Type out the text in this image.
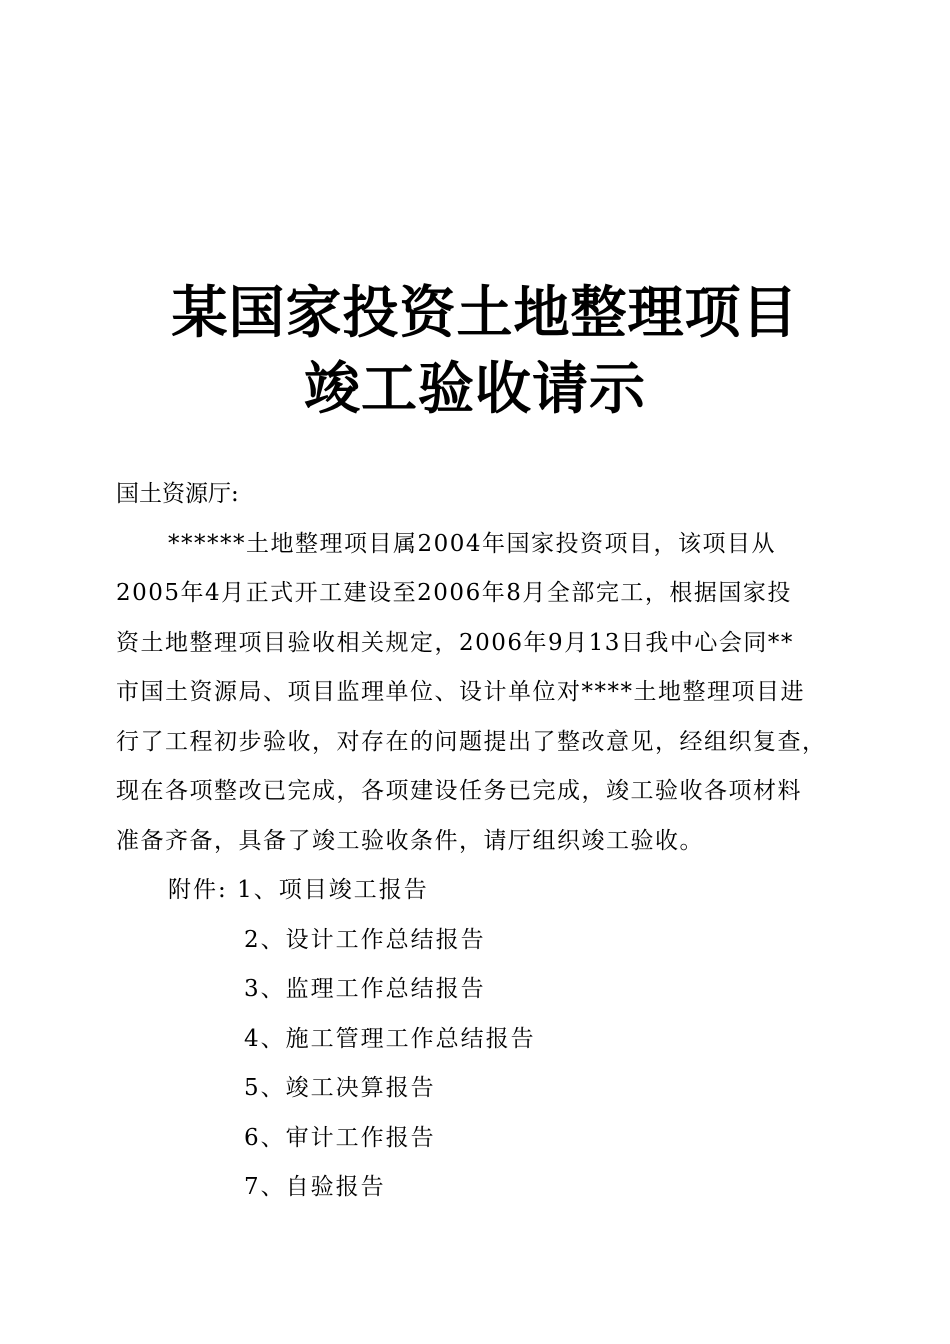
某国家投资土地整理项目
竣工验收请示
国土资源厅:
******土地整理项目属2004年国家投资项目，该项目从
2005年4月正式开工建设至2006年8月全部完工，根据国家投
资土地整理项目验收相关规定，2006年9月13日我中心会同**
市国土资源局、项目监理单位、设计单位对****土地整理项目进
行了工程初步验收，对存在的问题提出了整改意见，经组织复查，
现在各项整改已完成，各项建设任务已完成，竣工验收各项材料
准备齐备，具备了竣工验收条件，请厅组织竣工验收。
附件: 1、项目竣工报告
2、设计工作总结报告
3、监理工作总结报告
4、施工管理工作总结报告
5、竣工决算报告
6、审计工作报告
7、自验报告
